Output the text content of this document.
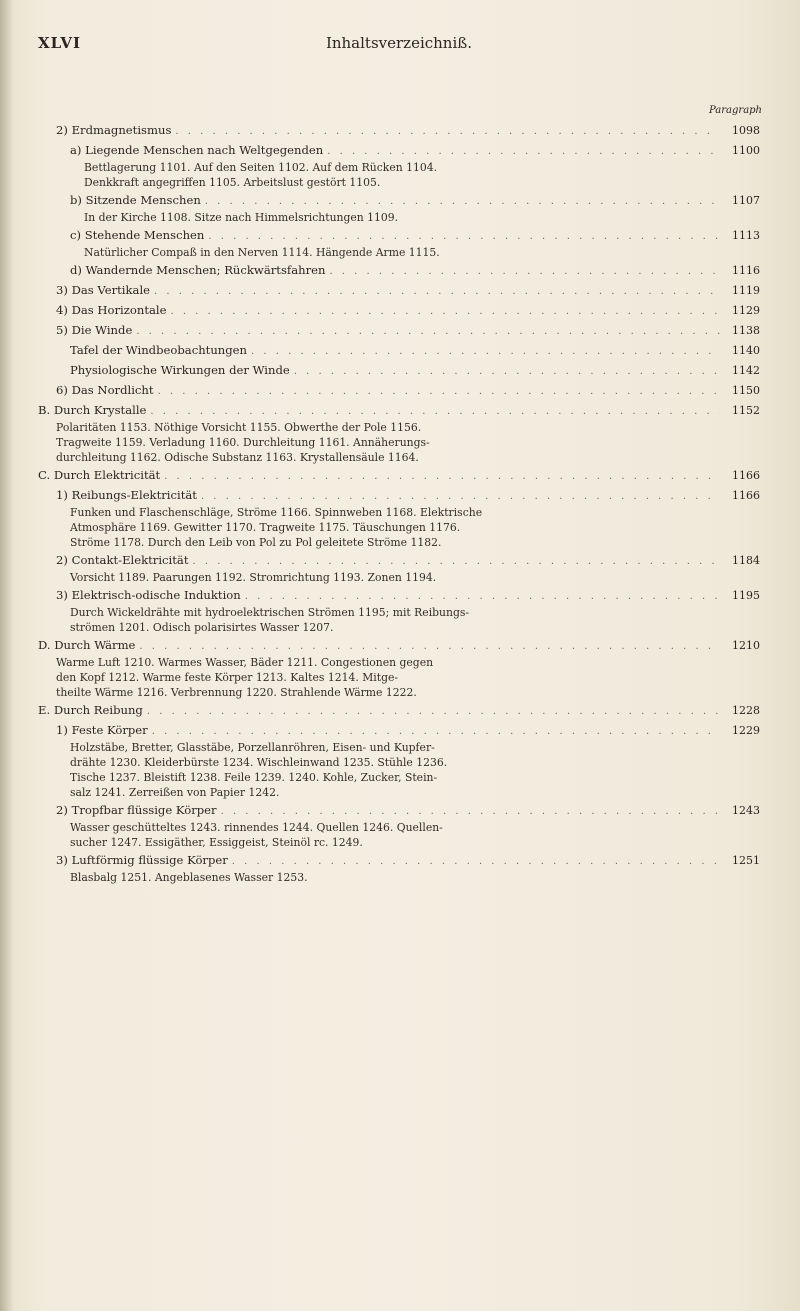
XLVI	Inhaltsverzeichniß.
Paragraph
2) Erdmagnetismus . . .	1098
a) Liegende Menschen nach Weltgegenden . . .	1100
Bettlagerung 1101. Auf den Seiten 1102. Auf dem Rücken 1104.
Denkkraft angegriffen 1105. Arbeitslust gestört 1105.
b) Sitzende Menschen . . .	1107
In der Kirche 1108. Sitze nach Himmelsrichtungen 1109.
c) Stehende Menschen . . .	1113
Natürlicher Compaß in den Nerven 1114. Hängende Arme 1115.
d) Wandernde Menschen; Rückwärtsfahren . . .	1116
3) Das Vertikale . . .	1119
4) Das Horizontale . . .	1129
5) Die Winde . . .	1138
Tafel der Windbeobachtungen . . .	1140
Physiologische Wirkungen der Winde . . .	1142
6) Das Nordlicht . . .	1150
B. Durch Krystalle . . .	1152
Polaritäten 1153. Nöthige Vorsicht 1155. Obwerthe der Pole 1156.
Tragweite 1159. Verladung 1160. Durchleitung 1161. Annäherungs-
durchleitung 1162. Odische Substanz 1163. Krystallensäule 1164.
C. Durch Elektricität . . .	1166
1) Reibungs-Elektricität . . .	1166
Funken und Flaschenschläge, Ströme 1166. Spinnweben 1168. Elektrische
Atmosphäre 1169. Gewitter 1170. Tragweite 1175. Täuschungen 1176.
Ströme 1178. Durch den Leib von Pol zu Pol geleitete Ströme 1182.
2) Contakt-Elektricität . . .	1184
Vorsicht 1189. Paarungen 1192. Stromrichtung 1193. Zonen 1194.
3) Elektrisch-odische Induktion . . .	1195
Durch Wickeldrähte mit hydroelektrischen Strömen 1195; mit Reibungs-
strömen 1201. Odisch polarisirtes Wasser 1207.
D. Durch Wärme . . .	1210
Warme Luft 1210. Warmes Wasser, Bäder 1211. Congestionen gegen
den Kopf 1212. Warme feste Körper 1213. Kaltes 1214. Mitge-
theilte Wärme 1216. Verbrennung 1220. Strahlende Wärme 1222.
E. Durch Reibung . . .	1228
1) Feste Körper . . .	1229
Holzstäbe, Bretter, Glasstäbe, Porzellanröhren, Eisen- und Kupfer-
drähte 1230. Kleiderbürste 1234. Wischleinwand 1235. Stühle 1236.
Tische 1237. Bleistift 1238. Feile 1239. 1240. Kohle, Zucker, Stein-
salz 1241. Zerreißen von Papier 1242.
2) Tropfbar flüssige Körper . . .	1243
Wasser geschütteltes 1243. rinnendes 1244. Quellen 1246. Quellen-
sucher 1247. Essigäther, Essiggeist, Steinöl rc. 1249.
3) Luftförmig flüssige Körper . . .	1251
Blasbalg 1251. Angeblasenes Wasser 1253.
